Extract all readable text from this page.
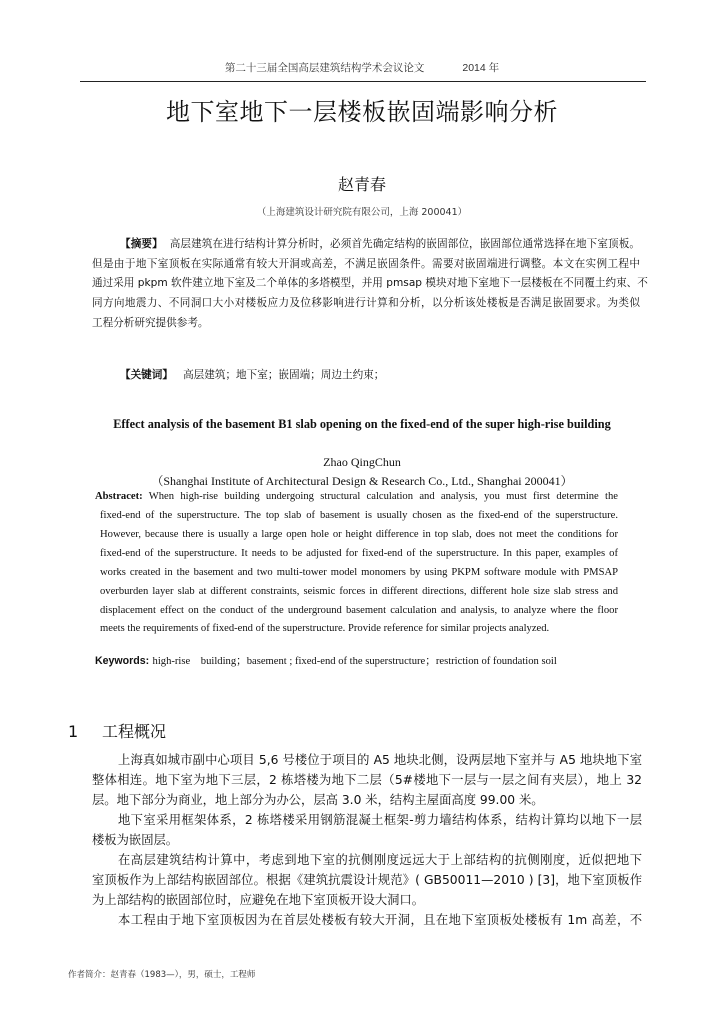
第二十三届全国高层建筑结构学术会议论文	2014 年
地下室地下一层楼板嵌固端影响分析
赵青春
（上海建筑设计研究院有限公司，上海 200041）
【摘要】 高层建筑在进行结构计算分析时，必须首先确定结构的嵌固部位，嵌固部位通常选择在地下室顶板。
但是由于地下室顶板在实际通常有较大开洞或高差，不满足嵌固条件。需要对嵌固端进行调整。本文在实例工程中
通过采用 pkpm 软件建立地下室及二个单体的多塔模型，并用 pmsap 模块对地下室地下一层楼板在不同覆土约束、不
同方向地震力、不同洞口大小对楼板应力及位移影响进行计算和分析，以分析该处楼板是否满足嵌固要求。为类似
工程分析研究提供参考。
【关键词】 高层建筑；地下室；嵌固端；周边土约束；
Effect analysis of the basement B1 slab opening on the fixed-end of the super high-rise building
Zhao QingChun
（Shanghai Institute of Architectural Design & Research Co., Ltd., Shanghai 200041）
Abstracet: When high-rise building undergoing structural calculation and analysis, you must first determine the
fixed-end of the superstructure. The top slab of basement is usually chosen as the fixed-end of the superstructure.
However, because there is usually a large open hole or height difference in top slab, does not meet the conditions for
fixed-end of the superstructure. It needs to be adjusted for fixed-end of the superstructure. In this paper, examples of
works created in the basement and two multi-tower model monomers by using PKPM software module with PMSAP
overburden layer slab at different constraints, seismic forces in different directions, different hole size slab stress and
displacement effect on the conduct of the underground basement calculation and analysis, to analyze where the floor
meets the requirements of fixed-end of the superstructure. Provide reference for similar projects analyzed.
Keywords: high-rise    building；basement ; fixed-end of the superstructure；restriction of foundation soil
1 工程概况
上海真如城市副中心项目 5,6 号楼位于项目的 A5 地块北侧，设两层地下室并与 A5 地块地下室
整体相连。地下室为地下三层，2 栋塔楼为地下二层（5#楼地下一层与一层之间有夹层），地上 32
层。地下部分为商业，地上部分为办公，层高 3.0 米，结构主屋面高度 99.00 米。
地下室采用框架体系，2 栋塔楼采用钢筋混凝土框架-剪力墙结构体系，结构计算均以地下一层
楼板为嵌固层。
在高层建筑结构计算中，考虑到地下室的抗侧刚度远远大于上部结构的抗侧刚度，近似把地下
室顶板作为上部结构嵌固部位。根据《建筑抗震设计规范》( GB50011—2010 ) [3]，地下室顶板作
为上部结构的嵌固部位时，应避免在地下室顶板开设大洞口。
本工程由于地下室顶板因为在首层处楼板有较大开洞，且在地下室顶板处楼板有 1m 高差，不
作者简介：赵青春（1983—），男，硕士，工程师
